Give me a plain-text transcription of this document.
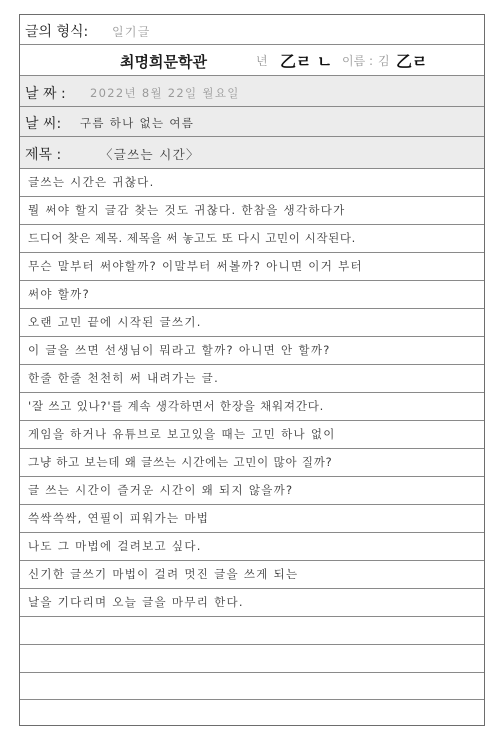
글의 형식: 일기글
최명희문학관	년 乙ㄹ ㄴ 이름 : 김 乙ㄹ
날 짜 : 2022년 8월 22일 월요일
날 씨: 구름 하나 없는 여름
제목 :	〈글쓰는 시간〉
글쓰는 시간은 귀찮다.
뭘 써야 할지 글감 찾는 것도 귀찮다. 한참을 생각하다가
드디어 찾은 제목. 제목을 써 놓고도 또 다시 고민이 시작된다.
무슨 말부터 써야할까? 이말부터 써볼까? 아니면 이거 부터
써야 할까?
오랜 고민 끝에 시작된 글쓰기.
이 글을 쓰면 선생님이 뭐라고 할까? 아니면 안 할까?
한줄 한줄 천천히 써 내려가는 글.
'잘 쓰고 있나?'를 계속 생각하면서 한장을 채워져간다.
게임을 하거나 유튜브로 보고있을 때는 고민 하나 없이
그냥 하고 보는데 왜 글쓰는 시간에는 고민이 많아 질까?
글 쓰는 시간이 즐거운 시간이 왜 되지 않을까?
쓱싹쓱싹, 연필이 피워가는 마법
나도 그 마법에 걸려보고 싶다.
신기한 글쓰기 마법이 걸려 멋진 글을 쓰게 되는
날을 기다리며 오늘 글을 마무리 한다.
